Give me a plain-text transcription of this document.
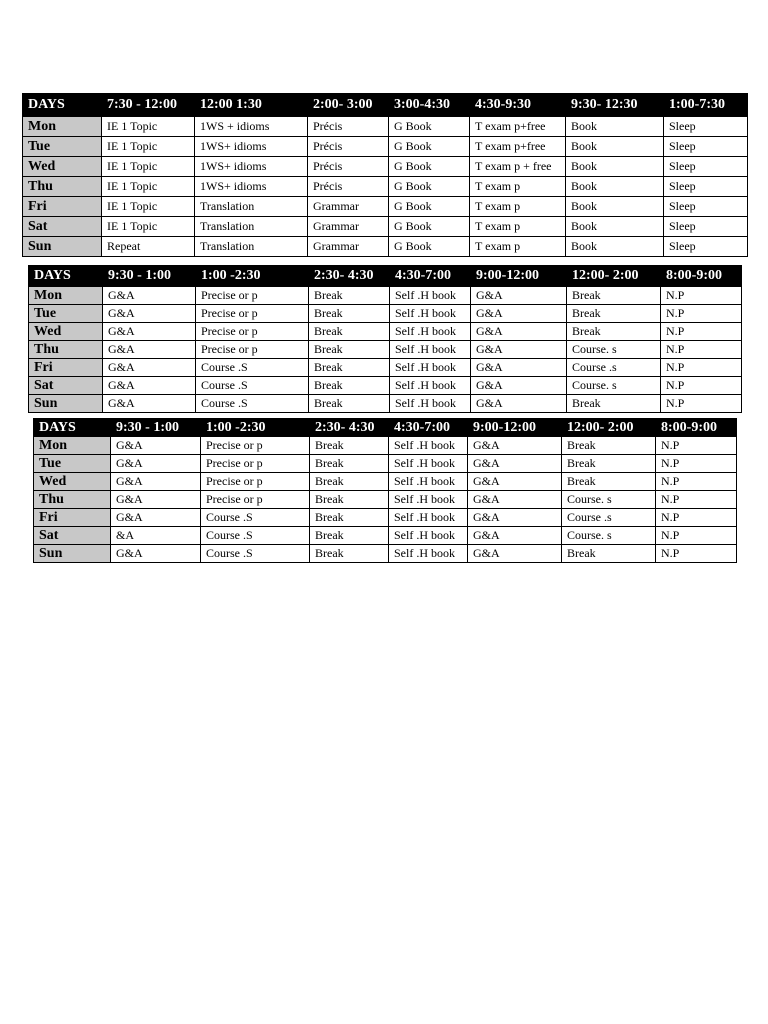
DAYS	7:30 - 12:00	12:00 1:30	2:00- 3:00	3:00-4:30	4:30-9:30	9:30- 12:30	1:00-7:30
Mon	IE 1 Topic	1WS + idioms	Précis	G Book	T exam p+free	Book	Sleep
Tue	IE 1 Topic	1WS+ idioms	Précis	G Book	T exam p+free	Book	Sleep
Wed	IE 1 Topic	1WS+ idioms	Précis	G Book	T exam p + free	Book	Sleep
Thu	IE 1 Topic	1WS+ idioms	Précis	G Book	T exam p	Book	Sleep
Fri	IE 1 Topic	Translation	Grammar	G Book	T exam p	Book	Sleep
Sat	IE 1 Topic	Translation	Grammar	G Book	T exam p	Book	Sleep
Sun	Repeat	Translation	Grammar	G Book	T exam p	Book	Sleep
DAYS	9:30 - 1:00	1:00 -2:30	2:30- 4:30	4:30-7:00	9:00-12:00	12:00- 2:00	8:00-9:00
Mon	G&A	Precise or p	Break	Self .H book	G&A	Break	N.P
Tue	G&A	Precise or p	Break	Self .H book	G&A	Break	N.P
Wed	G&A	Precise or p	Break	Self .H book	G&A	Break	N.P
Thu	G&A	Precise or p	Break	Self .H book	G&A	Course. s	N.P
Fri	G&A	Course .S	Break	Self .H book	G&A	Course .s	N.P
Sat	G&A	Course .S	Break	Self .H book	G&A	Course. s	N.P
Sun	G&A	Course .S	Break	Self .H book	G&A	Break	N.P
DAYS	9:30 - 1:00	1:00 -2:30	2:30- 4:30	4:30-7:00	9:00-12:00	12:00- 2:00	8:00-9:00
Mon	G&A	Precise or p	Break	Self .H book	G&A	Break	N.P
Tue	G&A	Precise or p	Break	Self .H book	G&A	Break	N.P
Wed	G&A	Precise or p	Break	Self .H book	G&A	Break	N.P
Thu	G&A	Precise or p	Break	Self .H book	G&A	Course. s	N.P
Fri	G&A	Course .S	Break	Self .H book	G&A	Course .s	N.P
Sat	&A	Course .S	Break	Self .H book	G&A	Course. s	N.P
Sun	G&A	Course .S	Break	Self .H book	G&A	Break	N.P
